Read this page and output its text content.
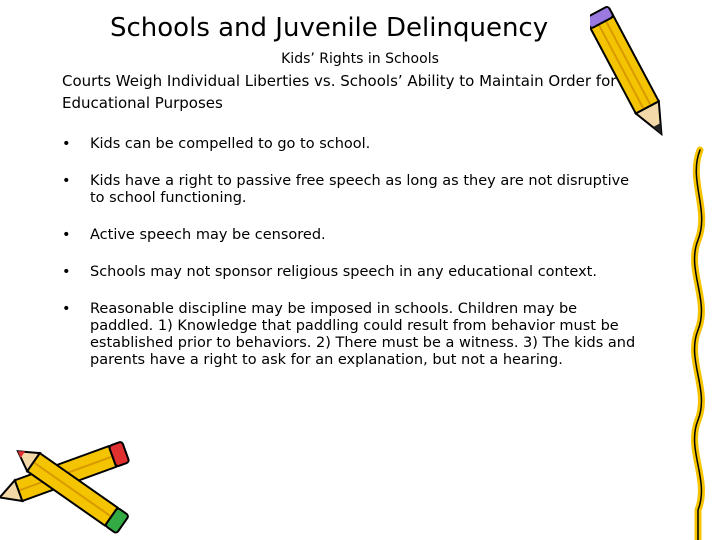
Schools and Juvenile Delinquency
Kids’ Rights in Schools
Courts Weigh Individual Liberties vs. Schools’ Ability to Maintain Order for Educational Purposes
• Kids can be compelled to go to school.
• Kids have a right to passive free speech as long as they are not disruptive to school functioning.
• Active speech may be censored.
• Schools may not sponsor religious speech in any educational context.
• Reasonable discipline may be imposed in schools. Children may be paddled. 1) Knowledge that paddling could result from behavior must be established prior to behaviors. 2) There must be a witness. 3) The kids and parents have a right to ask for an explanation, but not a hearing.
